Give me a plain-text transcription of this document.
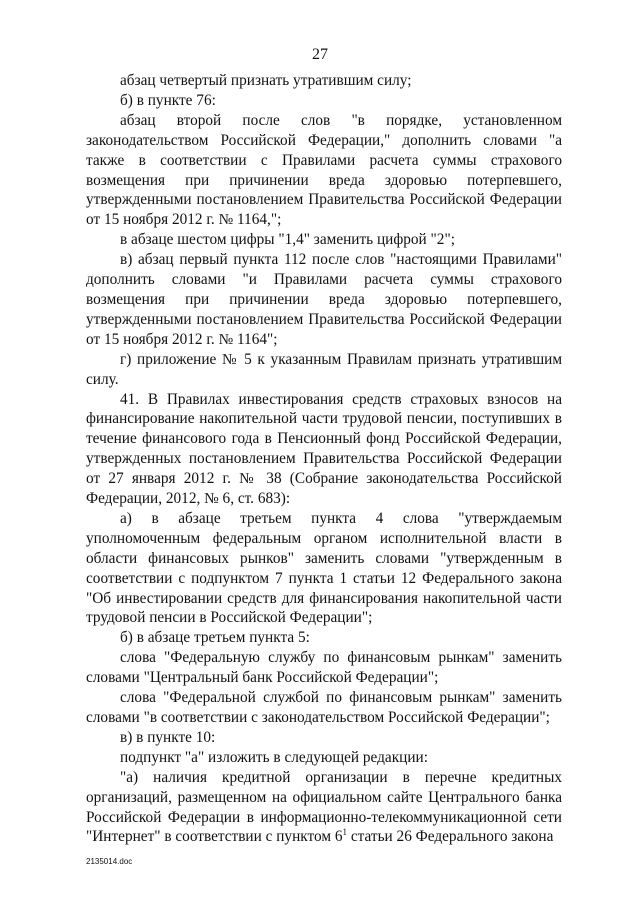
27

абзац четвертый признать утратившим силу;

б) в пункте 76:

абзац второй после слов "в порядке, установленном законодательством Российской Федерации," дополнить словами "а также в соответствии с Правилами расчета суммы страхового возмещения при причинении вреда здоровью потерпевшего, утвержденными постановлением Правительства Российской Федерации от 15 ноября 2012 г. № 1164,";

в абзаце шестом цифры "1,4" заменить цифрой "2";

в) абзац первый пункта 112 после слов "настоящими Правилами" дополнить словами "и Правилами расчета суммы страхового возмещения при причинении вреда здоровью потерпевшего, утвержденными постановлением Правительства Российской Федерации от 15 ноября 2012 г. № 1164";

г) приложение № 5 к указанным Правилам признать утратившим силу.

41. В Правилах инвестирования средств страховых взносов на финансирование накопительной части трудовой пенсии, поступивших в течение финансового года в Пенсионный фонд Российской Федерации, утвержденных постановлением Правительства Российской Федерации от 27 января 2012 г. № 38 (Собрание законодательства Российской Федерации, 2012, № 6, ст. 683):

а) в абзаце третьем пункта 4 слова "утверждаемым уполномоченным федеральным органом исполнительной власти в области финансовых рынков" заменить словами "утвержденным в соответствии с подпунктом 7 пункта 1 статьи 12 Федерального закона "Об инвестировании средств для финансирования накопительной части трудовой пенсии в Российской Федерации";

б) в абзаце третьем пункта 5:

слова "Федеральную службу по финансовым рынкам" заменить словами "Центральный банк Российской Федерации";

слова "Федеральной службой по финансовым рынкам" заменить словами "в соответствии с законодательством Российской Федерации";

в) в пункте 10:

подпункт "а" изложить в следующей редакции:

"а) наличия кредитной организации в перечне кредитных организаций, размещенном на официальном сайте Центрального банка Российской Федерации в информационно-телекоммуникационной сети "Интернет" в соответствии с пунктом $6^1$ статьи 26 Федерального закона

2135014.doc
